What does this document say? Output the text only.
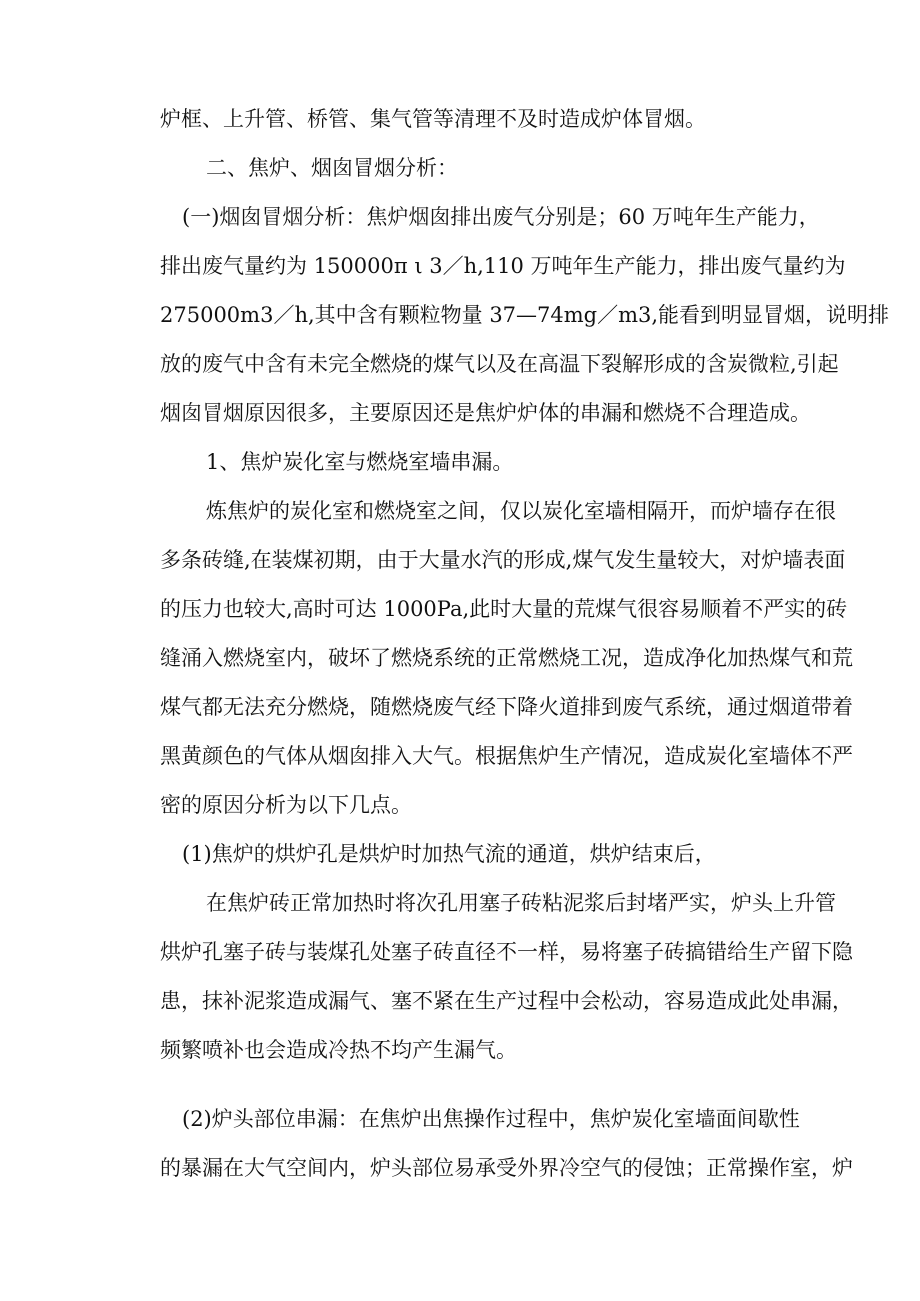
炉框、上升管、桥管、集气管等清理不及时造成炉体冒烟。
二、焦炉、烟囱冒烟分析：
(一)烟囱冒烟分析：焦炉烟囱排出废气分别是；60 万吨年生产能力，
排出废气量约为 150000π ι 3／h,110 万吨年生产能力，排出废气量约为
275000m3／h,其中含有颗粒物量 37—74mg／m3,能看到明显冒烟，说明排
放的废气中含有未完全燃烧的煤气以及在高温下裂解形成的含炭微粒,引起
烟囱冒烟原因很多，主要原因还是焦炉炉体的串漏和燃烧不合理造成。
1、焦炉炭化室与燃烧室墙串漏。
炼焦炉的炭化室和燃烧室之间，仅以炭化室墙相隔开，而炉墙存在很
多条砖缝,在装煤初期，由于大量水汽的形成,煤气发生量较大，对炉墙表面
的压力也较大,高时可达 1000Pa,此时大量的荒煤气很容易顺着不严实的砖
缝涌入燃烧室内，破坏了燃烧系统的正常燃烧工况，造成净化加热煤气和荒
煤气都无法充分燃烧，随燃烧废气经下降火道排到废气系统，通过烟道带着
黑黄颜色的气体从烟囱排入大气。根据焦炉生产情况，造成炭化室墙体不严
密的原因分析为以下几点。
(1)焦炉的烘炉孔是烘炉时加热气流的通道，烘炉结束后，
在焦炉砖正常加热时将次孔用塞子砖粘泥浆后封堵严实，炉头上升管
烘炉孔塞子砖与装煤孔处塞子砖直径不一样，易将塞子砖搞错给生产留下隐
患，抹补泥浆造成漏气、塞不紧在生产过程中会松动，容易造成此处串漏，
频繁喷补也会造成冷热不均产生漏气。
(2)炉头部位串漏：在焦炉出焦操作过程中，焦炉炭化室墙面间歇性
的暴漏在大气空间内，炉头部位易承受外界冷空气的侵蚀；正常操作室，炉
